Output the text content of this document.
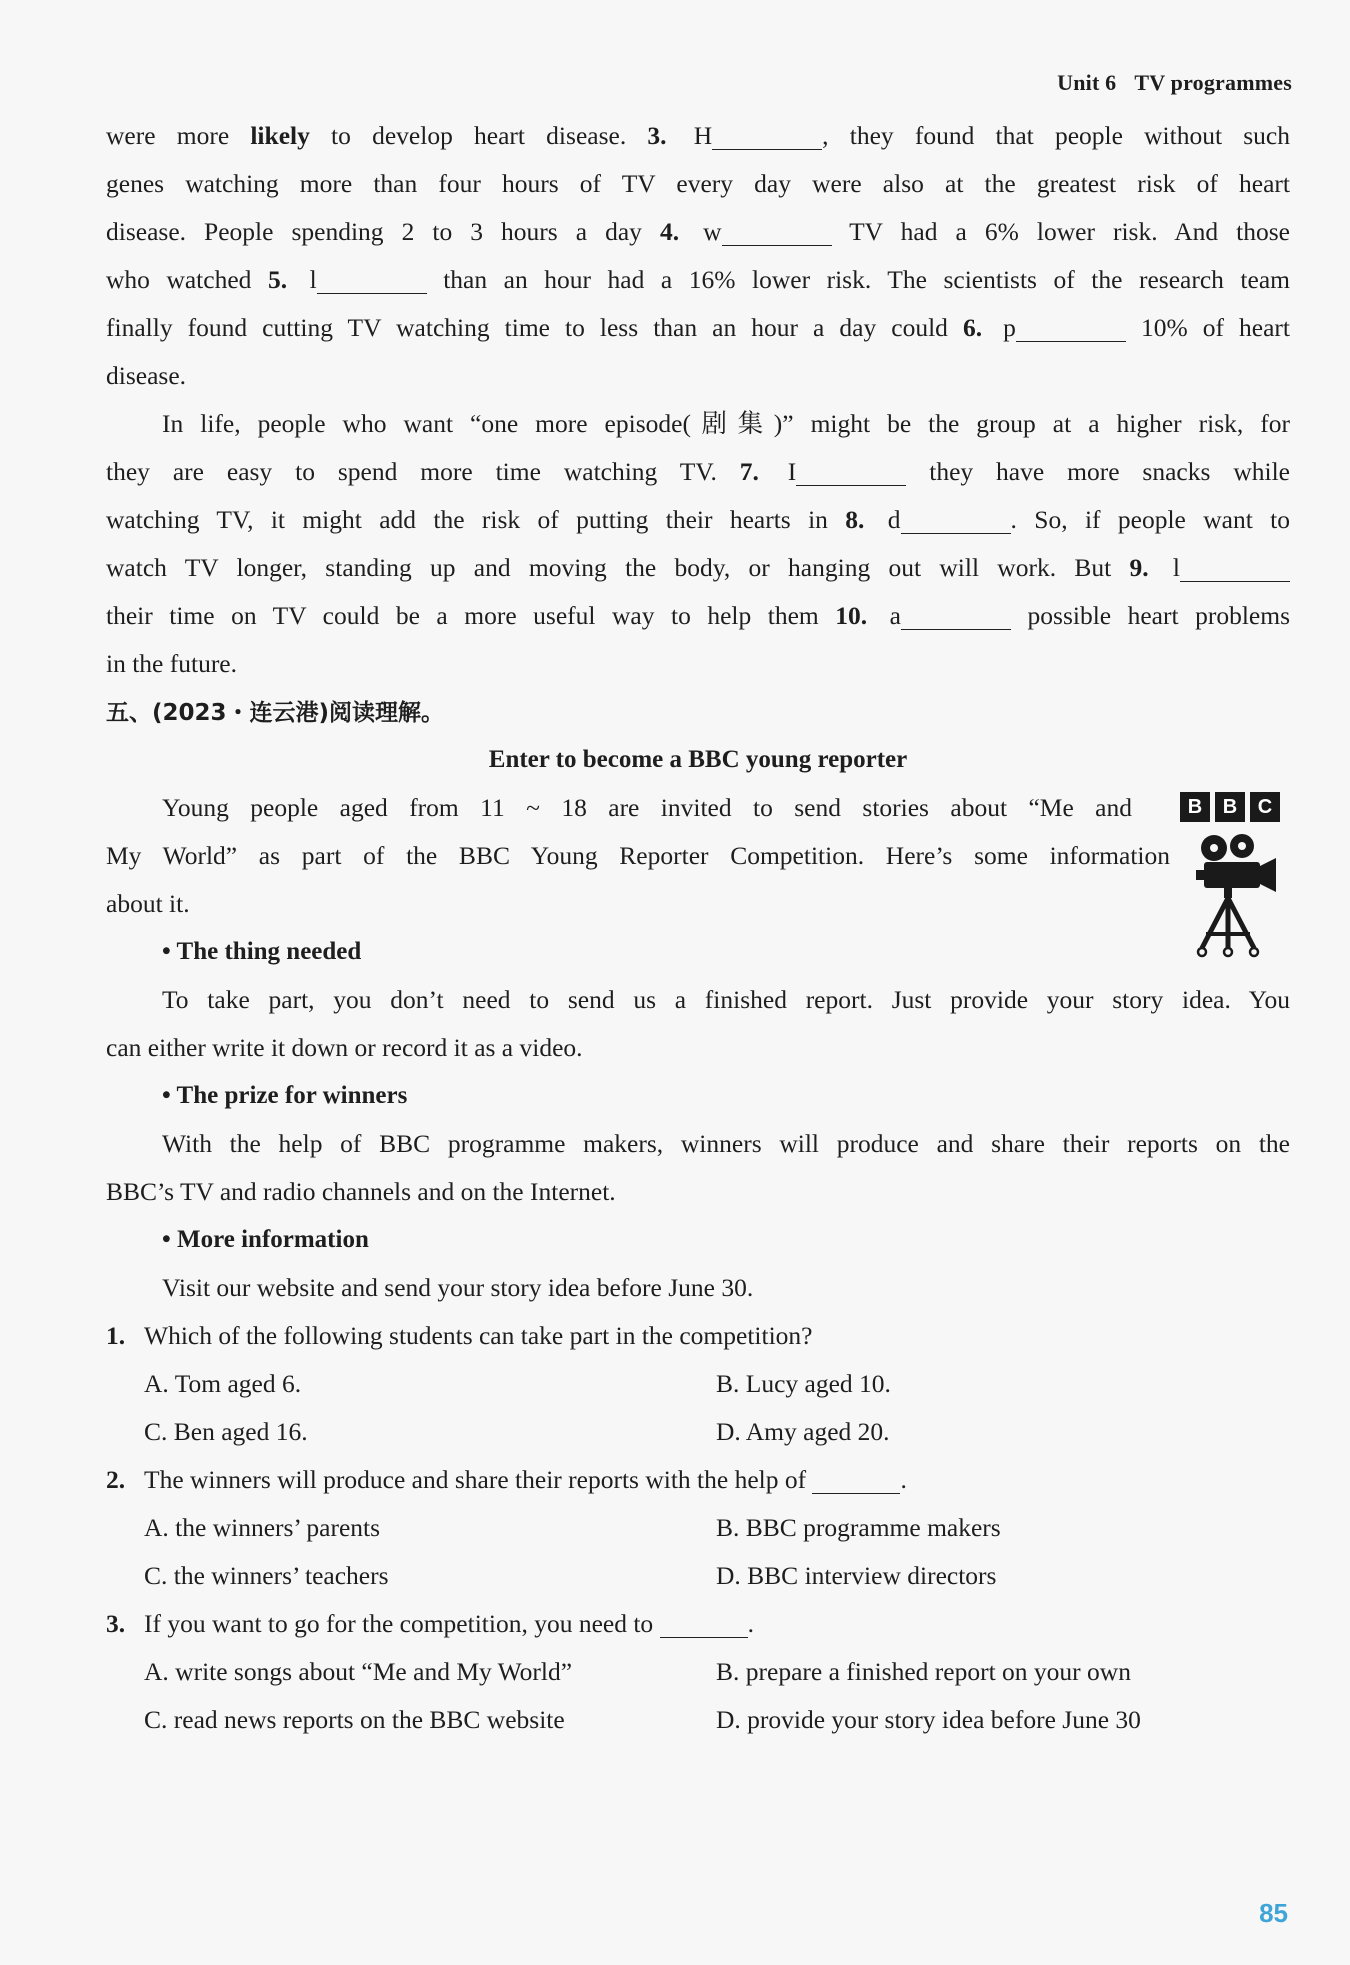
Unit 6 TV programmes
were more likely to develop heart disease. 3. H	, they found that people without such
genes watching more than four hours of TV every day were also at the greatest risk of heart
disease. People spending 2 to 3 hours a day 4. w	TV had a 6% lower risk. And those
who watched 5. l	than an hour had a 16% lower risk. The scientists of the research team
finally found cutting TV watching time to less than an hour a day could 6. p	10% of heart
disease.
In life, people who want “one more episode(剧集)” might be the group at a higher risk, for
they are easy to spend more time watching TV. 7. I	they have more snacks while
watching TV, it might add the risk of putting their hearts in 8. d	. So, if people want to
watch TV longer, standing up and moving the body, or hanging out will work. But 9. l
their time on TV could be a more useful way to help them 10. a	possible heart problems
in the future.
五、(2023・连云港)阅读理解。
Enter to become a BBC young reporter
Young people aged from 11 ~ 18 are invited to send stories about “Me and
My World” as part of the BBC Young Reporter Competition. Here’s some information
about it.
• The thing needed
To take part, you don’t need to send us a finished report. Just provide your story idea. You
can either write it down or record it as a video.
• The prize for winners
With the help of BBC programme makers, winners will produce and share their reports on the
BBC’s TV and radio channels and on the Internet.
• More information
Visit our website and send your story idea before June 30.
1. Which of the following students can take part in the competition?
A. Tom aged 6.	B. Lucy aged 10.
C. Ben aged 16.	D. Amy aged 20.
2. The winners will produce and share their reports with the help of	.
A. the winners’ parents	B. BBC programme makers
C. the winners’ teachers	D. BBC interview directors
3. If you want to go for the competition, you need to	.
A. write songs about “Me and My World”	B. prepare a finished report on your own
C. read news reports on the BBC website	D. provide your story idea before June 30
B	B	C
85
